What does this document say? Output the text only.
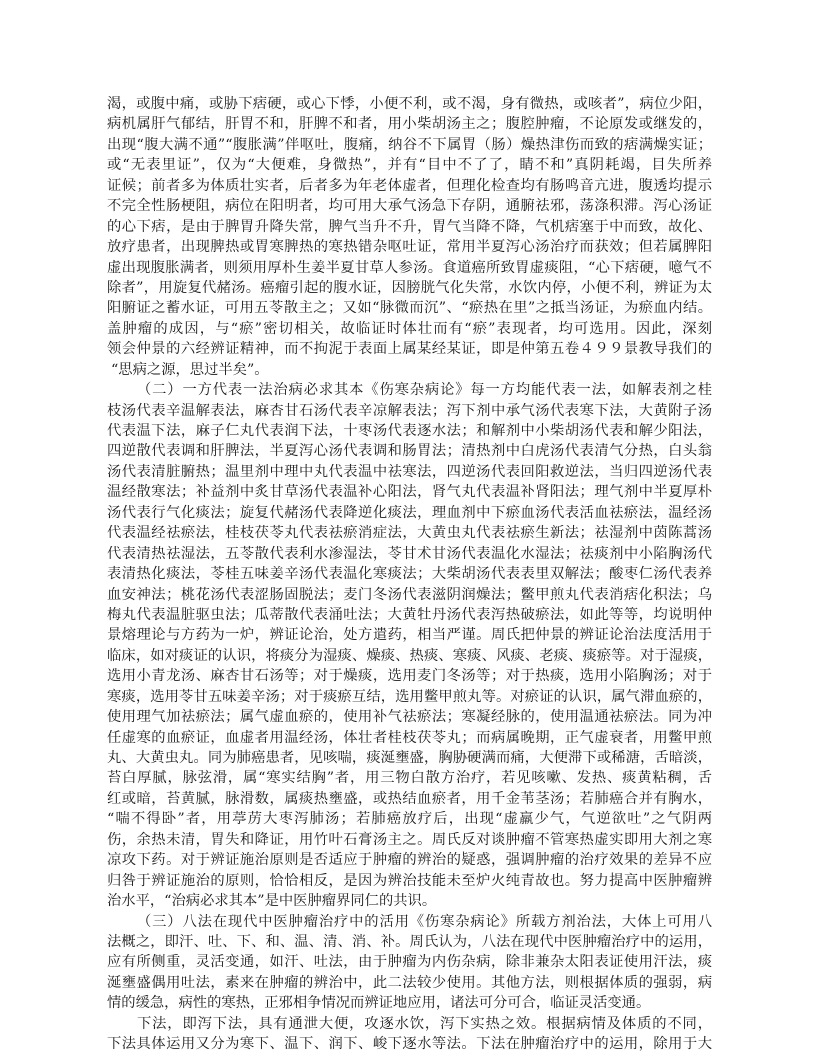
渴，或腹中痛，或胁下痞硬，或心下悸，小便不利，或不渴，身有微热，或咳者”，病位少阳，
病机属肝气郁结，肝胃不和，肝脾不和者，用小柴胡汤主之；腹腔肿瘤，不论原发或继发的，
出现“腹大满不通”“腹胀满”伴呕吐，腹痛，纳谷不下属胃（肠）燥热津伤而致的痞满燥实证；
或“无表里证”，仅为“大便难，身微热”，并有“目中不了了，睛不和”真阴耗竭，目失所养
证候；前者多为体质壮实者，后者多为年老体虚者，但理化检查均有肠鸣音亢进，腹透均提示
不完全性肠梗阻，病位在阳明者，均可用大承气汤急下存阴，通腑祛邪，荡涤积滞。泻心汤证
的心下痞，是由于脾胃升降失常，脾气当升不升，胃气当降不降，气机痞塞于中而致，故化、
放疗患者，出现脾热或胃寒脾热的寒热错杂呕吐证，常用半夏泻心汤治疗而获效；但若属脾阳
虚出现腹胀满者，则须用厚朴生姜半夏甘草人参汤。食道癌所致胃虚痰阻，“心下痞硬，噫气不
除者”，用旋复代赭汤。癌瘤引起的腹水证，因膀胱气化失常，水饮内停，小便不利，辨证为太
阳腑证之蓄水证，可用五苓散主之；又如“脉微而沉”、“瘀热在里”之抵当汤证，为瘀血内结。
盖肿瘤的成因，与“瘀”密切相关，故临证时体壮而有“瘀”表现者，均可选用。因此，深刻
领会仲景的六经辨证精神，而不拘泥于表面上属某经某证，即是仲第五卷４９９景教导我们的
“思病之源，思过半矣”。
（二）一方代表一法治病必求其本《伤寒杂病论》每一方均能代表一法，如解表剂之桂
枝汤代表辛温解表法，麻杏甘石汤代表辛凉解表法；泻下剂中承气汤代表寒下法，大黄附子汤
代表温下法，麻子仁丸代表润下法，十枣汤代表逐水法；和解剂中小柴胡汤代表和解少阳法，
四逆散代表调和肝脾法，半夏泻心汤代表调和肠胃法；清热剂中白虎汤代表清气分热，白头翁
汤代表清脏腑热；温里剂中理中丸代表温中祛寒法，四逆汤代表回阳救逆法，当归四逆汤代表
温经散寒法；补益剂中炙甘草汤代表温补心阳法，肾气丸代表温补肾阳法；理气剂中半夏厚朴
汤代表行气化痰法；旋复代赭汤代表降逆化痰法，理血剂中下瘀血汤代表活血祛瘀法，温经汤
代表温经祛瘀法，桂枝茯苓丸代表祛瘀消症法，大黄虫丸代表祛瘀生新法；祛湿剂中茵陈蒿汤
代表清热祛湿法，五苓散代表利水渗湿法，苓甘术甘汤代表温化水湿法；祛痰剂中小陷胸汤代
表清热化痰法，苓桂五味姜辛汤代表温化寒痰法；大柴胡汤代表表里双解法；酸枣仁汤代表养
血安神法；桃花汤代表涩肠固脱法；麦门冬汤代表滋阴润燥法；鳖甲煎丸代表消痞化积法；乌
梅丸代表温脏驱虫法；瓜蒂散代表涌吐法；大黄牡丹汤代表泻热破瘀法，如此等等，均说明仲
景熔理论与方药为一炉，辨证论治，处方遣药，相当严谨。周氏把仲景的辨证论治法度活用于
临床，如对痰证的认识，将痰分为湿痰、燥痰、热痰、寒痰、风痰、老痰、痰瘀等。对于湿痰，
选用小青龙汤、麻杏甘石汤等；对于燥痰，选用麦门冬汤等；对于热痰，选用小陷胸汤；对于
寒痰，选用苓甘五味姜辛汤；对于痰瘀互结，选用鳖甲煎丸等。对瘀证的认识，属气滞血瘀的，
使用理气加祛瘀法；属气虚血瘀的，使用补气祛瘀法；寒凝经脉的，使用温通祛瘀法。同为冲
任虚寒的血瘀证，血虚者用温经汤，体壮者桂枝茯苓丸；而病属晚期，正气虚衰者，用鳖甲煎
丸、大黄虫丸。同为肺癌患者，见咳喘，痰涎壅盛，胸胁硬满而痛，大便滞下或稀溏，舌暗淡，
苔白厚腻，脉弦滑，属“寒实结胸”者，用三物白散方治疗，若见咳嗽、发热、痰黄粘稠，舌
红或暗，苔黄腻，脉滑数，属痰热壅盛，或热结血瘀者，用千金苇茎汤；若肺癌合并有胸水，
“喘不得卧”者，用葶苈大枣泻肺汤；若肺癌放疗后，出现“虚羸少气，气逆欲吐”之气阴两
伤，余热未清，胃失和降证，用竹叶石膏汤主之。周氏反对谈肿瘤不管寒热虚实即用大剂之寒
凉攻下药。对于辨证施治原则是否适应于肿瘤的辨治的疑惑，强调肿瘤的治疗效果的差异不应
归咎于辨证施治的原则，恰恰相反，是因为辨治技能未至炉火纯青故也。努力提高中医肿瘤辨
治水平，“治病必求其本”是中医肿瘤界同仁的共识。
（三）八法在现代中医肿瘤治疗中的活用《伤寒杂病论》所载方剂治法，大体上可用八
法概之，即汗、吐、下、和、温、清、消、补。周氏认为，八法在现代中医肿瘤治疗中的运用，
应有所侧重，灵活变通，如汗、吐法，由于肿瘤为内伤杂病，除非兼杂太阳表证使用汗法，痰
涎壅盛偶用吐法，素来在肿瘤的辨治中，此二法较少使用。其他方法，则根据体质的强弱，病
情的缓急，病性的寒热，正邪相争情况而辨证地应用，诸法可分可合，临证灵活变通。
下法，即泻下法，具有通泄大便，攻逐水饮，泻下实热之效。根据病情及体质的不同，
下法具体运用又分为寒下、温下、润下、峻下逐水等法。下法在肿瘤治疗中的运用，除用于大
